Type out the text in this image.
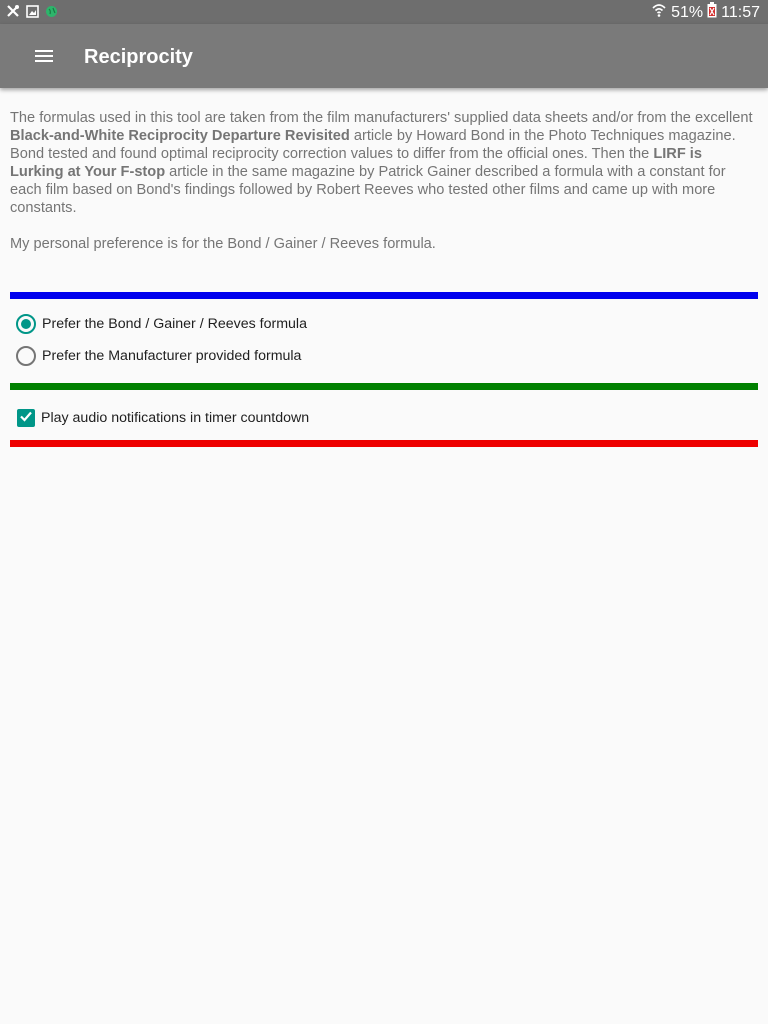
51% 11:57
Reciprocity

The formulas used in this tool are taken from the film manufacturers' supplied data sheets and/or from the excellent Black-and-White Reciprocity Departure Revisited article by Howard Bond in the Photo Techniques magazine. Bond tested and found optimal reciprocity correction values to differ from the official ones. Then the LIRF is Lurking at Your F-stop article in the same magazine by Patrick Gainer described a formula with a constant for each film based on Bond's findings followed by Robert Reeves who tested other films and came up with more constants.

My personal preference is for the Bond / Gainer / Reeves formula.

Prefer the Bond / Gainer / Reeves formula
Prefer the Manufacturer provided formula
Play audio notifications in timer countdown
